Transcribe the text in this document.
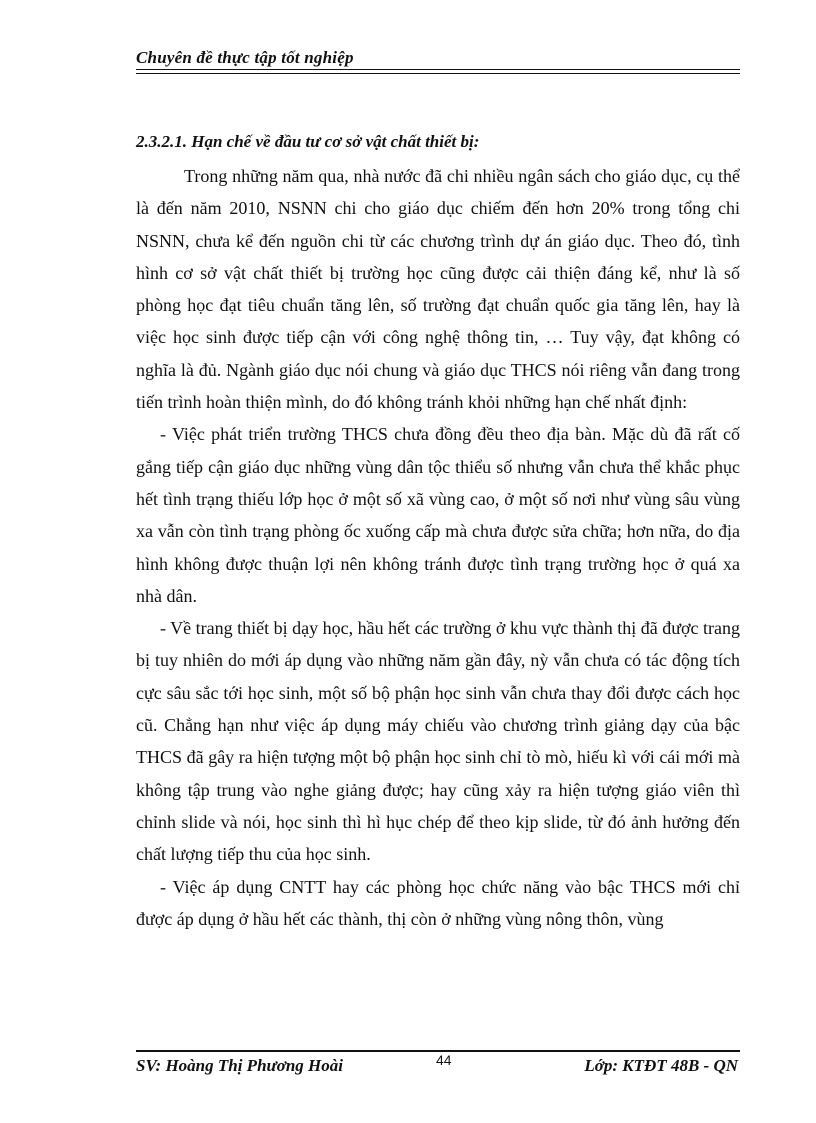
Chuyên đề thực tập tốt nghiệp
2.3.2.1. Hạn chế về đầu tư cơ sở vật chất thiết bị:

Trong những năm qua, nhà nước đã chi nhiều ngân sách cho giáo dục, cụ thể là đến năm 2010, NSNN chi cho giáo dục chiếm đến hơn 20% trong tổng chi NSNN, chưa kể đến nguồn chi từ các chương trình dự án giáo dục. Theo đó, tình hình cơ sở vật chất thiết bị trường học cũng được cải thiện đáng kể, như là số phòng học đạt tiêu chuẩn tăng lên, số trường đạt chuẩn quốc gia tăng lên, hay là việc học sinh được tiếp cận với công nghệ thông tin, … Tuy vậy, đạt không có nghĩa là đủ. Ngành giáo dục nói chung và giáo dục THCS nói riêng vẫn đang trong tiến trình hoàn thiện mình, do đó không tránh khỏi những hạn chế nhất định:

- Việc phát triển trường THCS chưa đồng đều theo địa bàn. Mặc dù đã rất cố gắng tiếp cận giáo dục những vùng dân tộc thiểu số nhưng vẫn chưa thể khắc phục hết tình trạng thiếu lớp học ở một số xã vùng cao, ở một số nơi như vùng sâu vùng xa vẫn còn tình trạng phòng ốc xuống cấp mà chưa được sửa chữa; hơn nữa, do địa hình không được thuận lợi nên không tránh được tình trạng trường học ở quá xa nhà dân.

- Về trang thiết bị dạy học, hầu hết các trường ở khu vực thành thị đã được trang bị tuy nhiên do mới áp dụng vào những năm gần đây, nỳ vẫn chưa có tác động tích cực sâu sắc tới học sinh, một số bộ phận học sinh vẫn chưa thay đổi được cách học cũ. Chẳng hạn như việc áp dụng máy chiếu vào chương trình giảng dạy của bậc THCS đã gây ra hiện tượng một bộ phận học sinh chỉ tò mò, hiếu kì với cái mới mà không tập trung vào nghe giảng được; hay cũng xảy ra hiện tượng giáo viên thì chỉnh slide và nói, học sinh thì hì hục chép để theo kịp slide, từ đó ảnh hưởng đến chất lượng tiếp thu của học sinh.

- Việc áp dụng CNTT hay các phòng học chức năng vào bậc THCS mới chỉ được áp dụng ở hầu hết các thành, thị còn ở những vùng nông thôn, vùng

SV: Hoàng Thị Phương Hoài	44	Lớp: KTĐT 48B - QN
